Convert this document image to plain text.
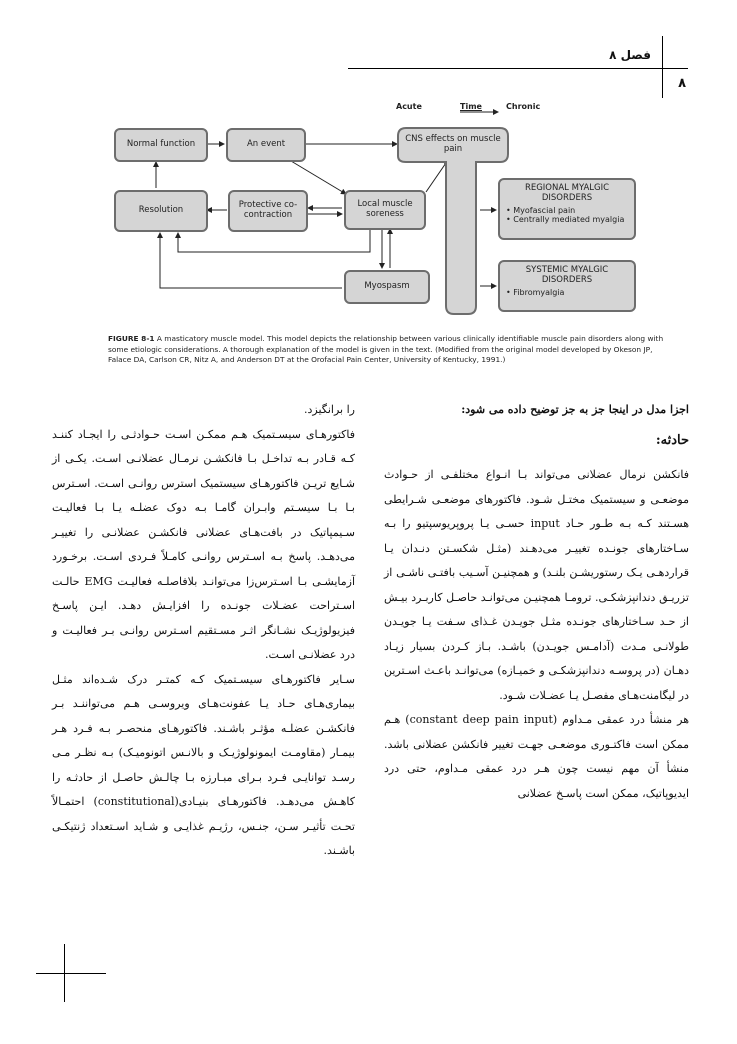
فصل ۸
۸
Acute	Time	Chronic
Normal function	An event	CNS effects on muscle pain
Resolution	Protective co-contraction
Local muscle soreness
Myospasm
REGIONAL MYALGIC DISORDERS
• Myofascial pain
• Centrally mediated myalgia
SYSTEMIC MYALGIC DISORDERS
• Fibromyalgia
FIGURE 8-1 A masticatory muscle model. This model depicts the relationship between various clinically identifiable muscle pain disorders along with some etiologic considerations. A thorough explanation of the model is given in the text. (Modified from the original model developed by Okeson JP, Falace DA, Carlson CR, Nitz A, and Anderson DT at the Orofacial Pain Center, University of Kentucky, 1991.)

اجزا مدل در اینجا جز به جز توضیح داده می شود:

حادثه:

فانکشن نرمال عضلانی می‌تواند بـا انـواع مختلفـی از حـوادث موضعـی و سیستمیک مختـل شـود. فاکتورهای موضعـی شـرایطی هسـتند کـه بـه طـور حـاد input حسـی یـا پروپریوسپتیو را بـه سـاختارهای جونـده تغییـر می‌دهـند (مثـل شکسـتن دنـدان یـا قراردهـی یـک رستوریشـن بلنـد) و همچنیـن آسـیب بافتـی ناشـی از تزریـق دندانپزشکـی. ترومـا همچنیـن می‌توانـد حاصـل کاربـرد بیـش از حـد سـاختارهای جونـده مثـل جویـدن غـذای سـفت یـا جویـدن طولانـی مـدت (آدامـس جویـدن) باشـد. بـاز کـردن بسیار زیـاد دهـان (در پروسـه دندانپزشکـی و خمیـازه) می‌توانـد باعـث اسـترین در لیگامنت‌هـای مفصـل یـا عضـلات شـود.

هر منشأ درد عمقی مـداوم (constant deep pain input) هـم ممکن است فاکتـوری موضعـی جهـت تغییر فانکشن عضلانی باشد. منشأ آن مهم نیست چون هـر درد عمقی مـداوم، حتی درد ایدیوپاتیک، ممکن است پاسـخ عضلانی

را برانگیزد.

فاکتورهـای سیسـتمیک هـم ممکـن اسـت حـوادثـی را ایجـاد کننـد کـه قـادر بـه تداخـل بـا فانکشـن نرمـال عضلانـی اسـت. یکـی از شـایع تریـن فاکتورهـای سیستمیک استرس روانـی اسـت. اسـترس بـا بـا سیسـتم وابـران گامـا بـه دوک عضلـه یـا بـا فعالیـت سـیمپاتیک در بافت‌هـای عضلانی فانکشـن عضلانـی را تغییـر می‌دهـد. پاسخ بـه اسـترس روانـی کامـلاً فـردی اسـت. برخـورد آزمایشـی بـا اسـترس‌زا می‌توانـد بلافاصلـه فعالیـت EMG حالـت اسـتراحت عضـلات جونـده را افزایـش دهـد. ایـن پاسـخ فیزیولوژیـک نشـانگر اثـر مسـتقیم اسـترس روانـی بـر فعالیـت و درد عضلانـی اسـت.

سـایر فاکتورهـای سیسـتمیک کـه کمتـر درک شـده‌اند مثـل بیماری‌هـای حـاد یـا عفونت‌هـای ویروسـی هـم می‌تواننـد بـر فانکشـن عضلـه مؤثـر باشـند. فاکتورهـای منحصـر بـه فـرد هـر بیمـار (مقاومـت ایمونولوژیـک و بالانـس اتونومیـک) بـه نظـر مـی رسـد توانایـی فـرد بـرای مبـارزه بـا چالـش حاصـل از حادثـه را کاهـش می‌دهـد. فاکتورهـای بنیـادی(constitutional) احتمـالاً تحـت تأثیـر سـن، جنـس، رژیـم غذایـی و شـاید اسـتعداد ژنتیکـی باشـند.
